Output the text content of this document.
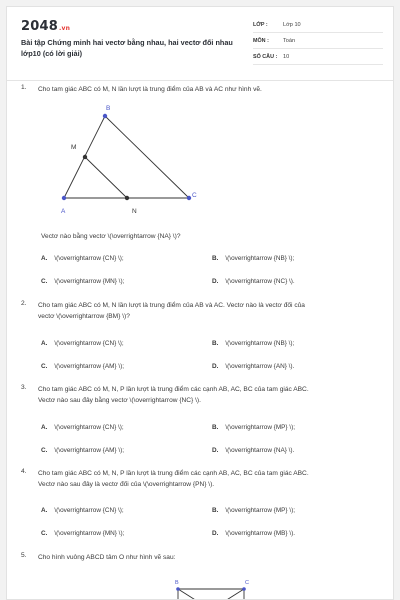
2048.vn
Bài tập Chứng minh hai vectơ bằng nhau, hai vectơ đối nhau lớp10 (có lời giải)
LỚP :	Lớp 10
MÔN :	Toán
SỐ CÂU :	10
1. Cho tam giác ABC có M, N lần lượt là trung điểm của AB và AC như hình vẽ.
B
M
A	N
C
Vectơ nào bằng vectơ \(\overrightarrow {NA} \)?
A. \(\overrightarrow {CN} \);	B. \(\overrightarrow {NB} \);
C. \(\overrightarrow {MN} \);	D. \(\overrightarrow {NC} \).
2. Cho tam giác ABC có M, N lần lượt là trung điểm của AB và AC. Vectơ nào là vectơ đối của
vectơ \(\overrightarrow {BM} \)?
A. \(\overrightarrow {CN} \);	B. \(\overrightarrow {NB} \);
C. \(\overrightarrow {AM} \);	D. \(\overrightarrow {AN} \).
3. Cho tam giác ABC có M, N, P lần lượt là trung điểm các cạnh AB, AC, BC của tam giác ABC.
Vectơ nào sau đây bằng vectơ \(\overrightarrow {NC} \).
A. \(\overrightarrow {CN} \);	B. \(\overrightarrow {MP} \);
C. \(\overrightarrow {AM} \);	D. \(\overrightarrow {NA} \).
4. Cho tam giác ABC có M, N, P lần lượt là trung điểm các cạnh AB, AC, BC của tam giác ABC.
Vectơ nào sau đây là vectơ đối của \(\overrightarrow {PN} \).
A. \(\overrightarrow {CN} \);	B. \(\overrightarrow {MP} \);
C. \(\overrightarrow {MN} \);	D. \(\overrightarrow {MB} \).
5. Cho hình vuông ABCD tâm O như hình vẽ sau:
B	C
